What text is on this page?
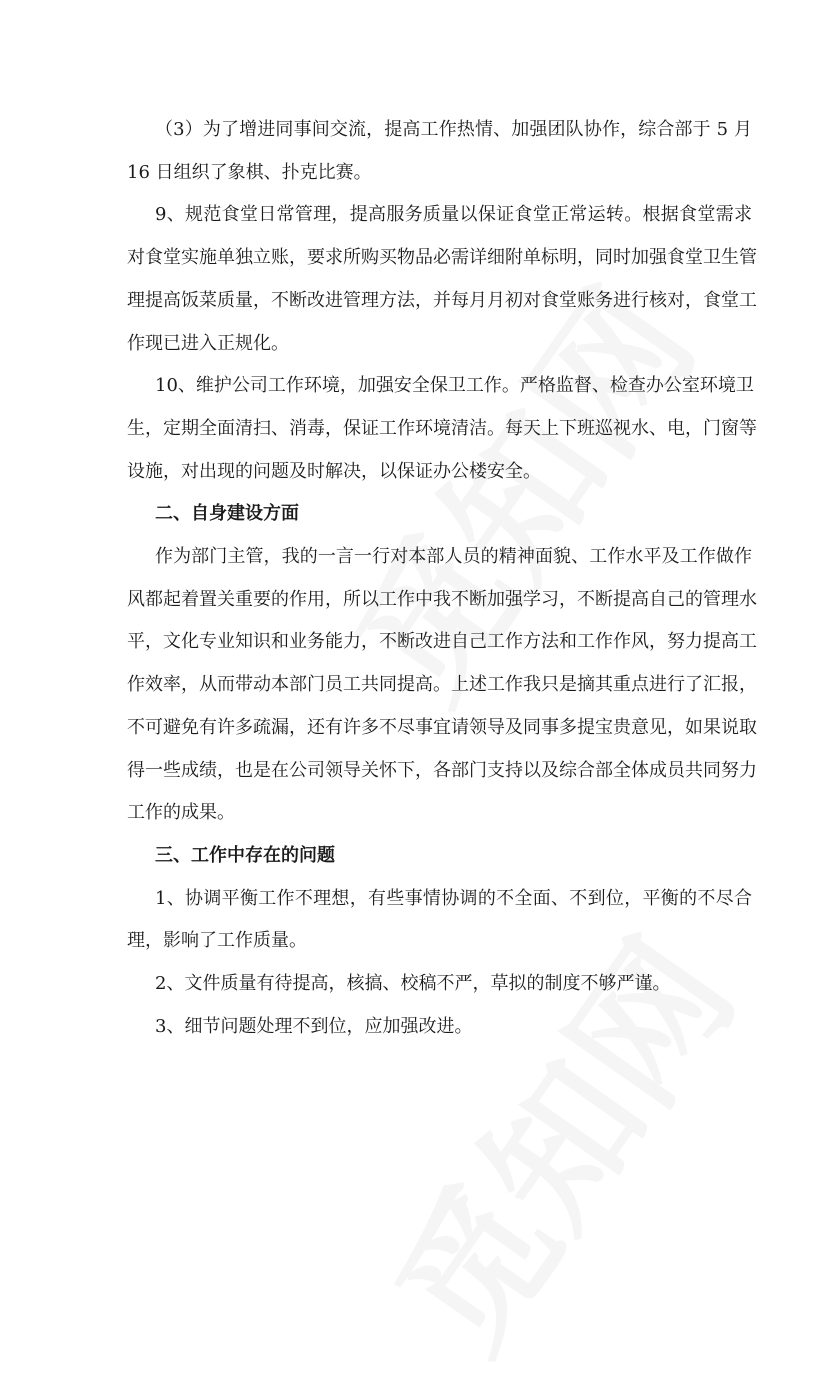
（3）为了增进同事间交流，提高工作热情、加强团队协作，综合部于 5 月
16 日组织了象棋、扑克比赛。
9、规范食堂日常管理，提高服务质量以保证食堂正常运转。根据食堂需求
对食堂实施单独立账，要求所购买物品必需详细附单标明，同时加强食堂卫生管
理提高饭菜质量，不断改进管理方法，并每月月初对食堂账务进行核对，食堂工
作现已进入正规化。
10、维护公司工作环境，加强安全保卫工作。严格监督、检查办公室环境卫
生，定期全面清扫、消毒，保证工作环境清洁。每天上下班巡视水、电，门窗等
设施，对出现的问题及时解决，以保证办公楼安全。
二、自身建设方面
作为部门主管，我的一言一行对本部人员的精神面貌、工作水平及工作做作
风都起着置关重要的作用，所以工作中我不断加强学习，不断提高自己的管理水
平，文化专业知识和业务能力，不断改进自己工作方法和工作作风，努力提高工
作效率，从而带动本部门员工共同提高。上述工作我只是摘其重点进行了汇报，
不可避免有许多疏漏，还有许多不尽事宜请领导及同事多提宝贵意见，如果说取
得一些成绩，也是在公司领导关怀下，各部门支持以及综合部全体成员共同努力
工作的成果。
三、工作中存在的问题
1、协调平衡工作不理想，有些事情协调的不全面、不到位，平衡的不尽合
理，影响了工作质量。
2、文件质量有待提高，核搞、校稿不严，草拟的制度不够严谨。
3、细节问题处理不到位，应加强改进。
